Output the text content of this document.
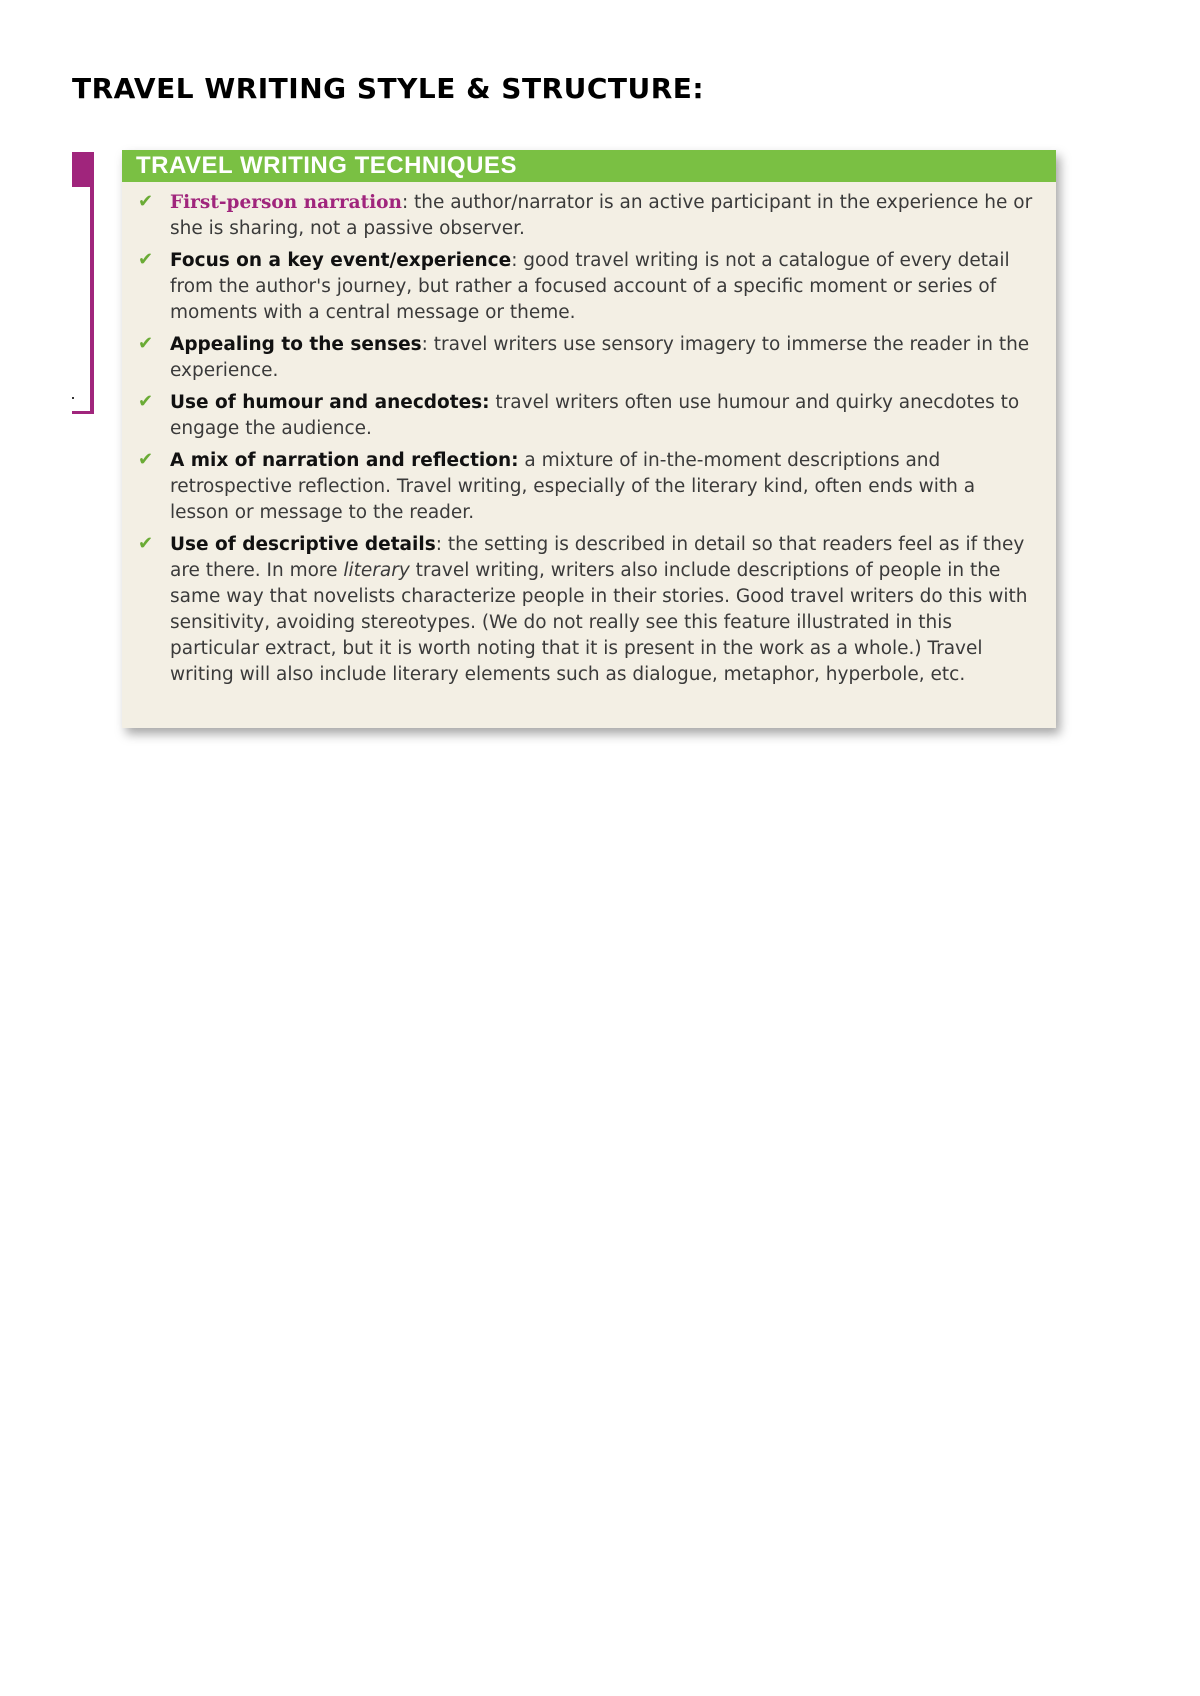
TRAVEL WRITING STYLE & STRUCTURE:
TRAVEL WRITING TECHNIQUES
✔ First-person narration: the author/narrator is an active participant in the experience he or she is sharing, not a passive observer.
✔ Focus on a key event/experience: good travel writing is not a catalogue of every detail from the author's journey, but rather a focused account of a specific moment or series of moments with a central message or theme.
✔ Appealing to the senses: travel writers use sensory imagery to immerse the reader in the experience.
✔ Use of humour and anecdotes: travel writers often use humour and quirky anecdotes to engage the audience.
✔ A mix of narration and reflection: a mixture of in-the-moment descriptions and retrospective reflection. Travel writing, especially of the literary kind, often ends with a lesson or message to the reader.
✔ Use of descriptive details: the setting is described in detail so that readers feel as if they are there. In more literary travel writing, writers also include descriptions of people in the same way that novelists characterize people in their stories. Good travel writers do this with sensitivity, avoiding stereotypes. (We do not really see this feature illustrated in this particular extract, but it is worth noting that it is present in the work as a whole.) Travel writing will also include literary elements such as dialogue, metaphor, hyperbole, etc.
